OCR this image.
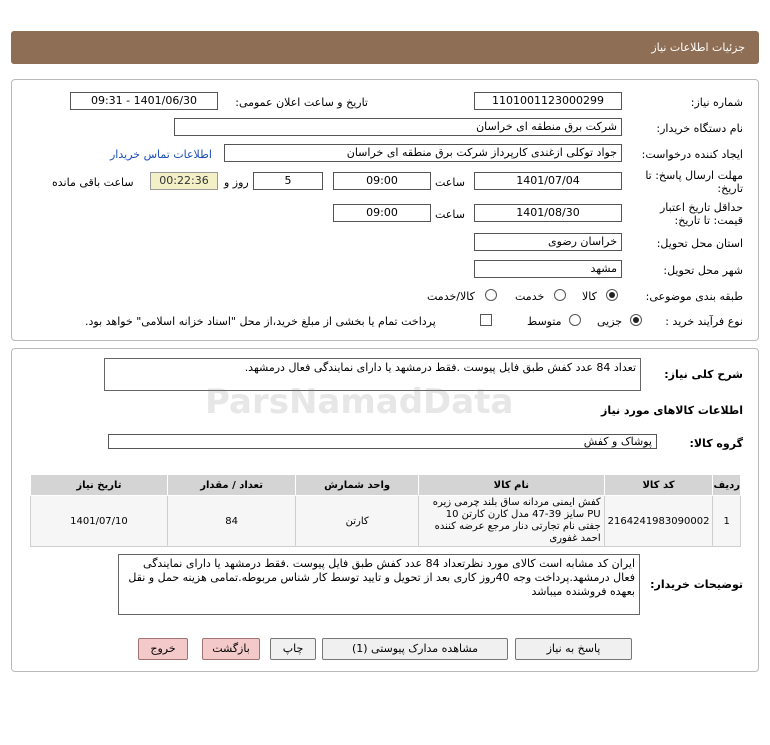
جزئیات اطلاعات نیاز
شماره نیاز:
1101001123000299
تاریخ و ساعت اعلان عمومی:
1401/06/30 - 09:31
نام دستگاه خریدار:
شرکت برق منطقه ای خراسان
ایجاد کننده درخواست:
جواد توکلی ازغندی کارپرداز شرکت برق منطقه ای خراسان
اطلاعات تماس خریدار
مهلت ارسال پاسخ: تا
تاریخ:
1401/07/04
ساعت
09:00
5
روز و
00:22:36
ساعت باقی مانده
حداقل تاریخ اعتبار
قیمت: تا تاریخ:
1401/08/30
ساعت
09:00
استان محل تحویل:
خراسان رضوی
شهر محل تحویل:
مشهد
طبقه بندی موضوعی:
کالا
خدمت
کالا/خدمت
نوع فرآیند خرید :
جزیی
متوسط
پرداخت تمام یا بخشی از مبلغ خرید،از محل "اسناد خزانه اسلامی" خواهد بود.
شرح کلی نیاز:
تعداد 84 عدد کفش طبق فایل پیوست .فقط درمشهد یا دارای نمایندگی فعال درمشهد.
اطلاعات کالاهای مورد نیاز
گروه کالا:
پوشاک و کفش
ردیف	کد کالا	نام کالا	واحد شمارش	تعداد / مقدار	تاریخ نیاز
1	2164241983090002	کفش ایمنی مردانه ساق بلند چرمی زیره PU سایز 39-47 مدل کارن کارتن 10 جفتی نام تجارتی دنار مرجع عرضه کننده احمد غفوری	کارتن	84	1401/07/10
توضیحات خریدار:
ایران کد مشابه است کالای مورد نظرتعداد 84 عدد کفش طبق فایل پیوست .فقط درمشهد یا دارای نمایندگی فعال درمشهد.پرداخت وجه 40روز کاری بعد از تحویل و تایید توسط کار شناس مربوطه.تمامی هزینه حمل و نقل بعهده فروشنده میباشد
پاسخ به نیاز
مشاهده مدارک پیوستی (1)
چاپ
بازگشت
خروج
